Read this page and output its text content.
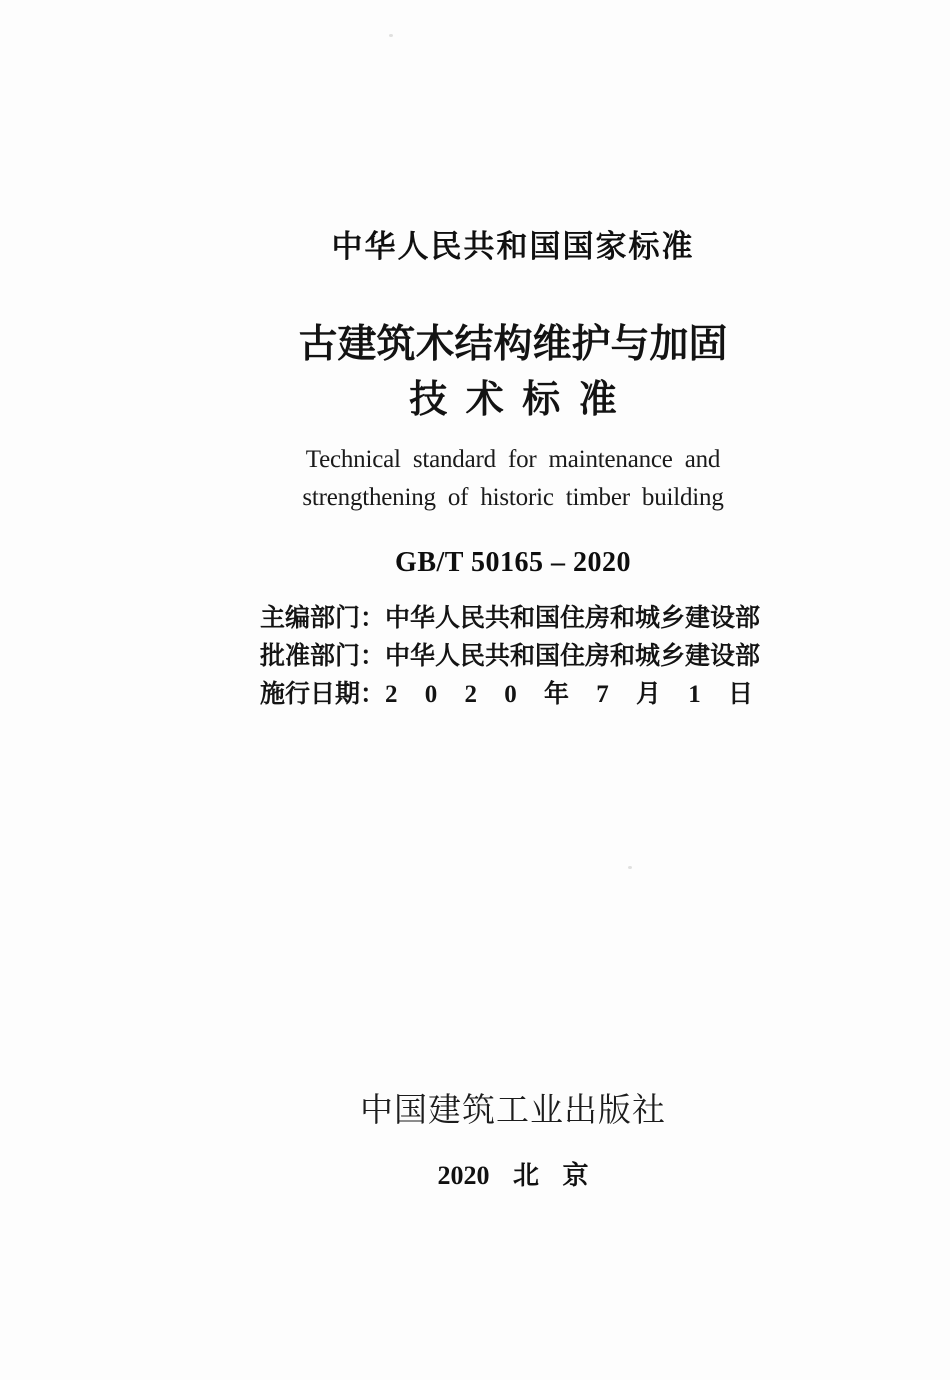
中华人民共和国国家标准
古建筑木结构维护与加固
技 术 标 准
Technical standard for maintenance and
strengthening of historic timber building
GB/T 50165 – 2020
主编部门： 中华人民共和国住房和城乡建设部
批准部门： 中华人民共和国住房和城乡建设部
施行日期： 2 0 2 0 年 7 月 1 日
中国建筑工业出版社
2020 北 京
